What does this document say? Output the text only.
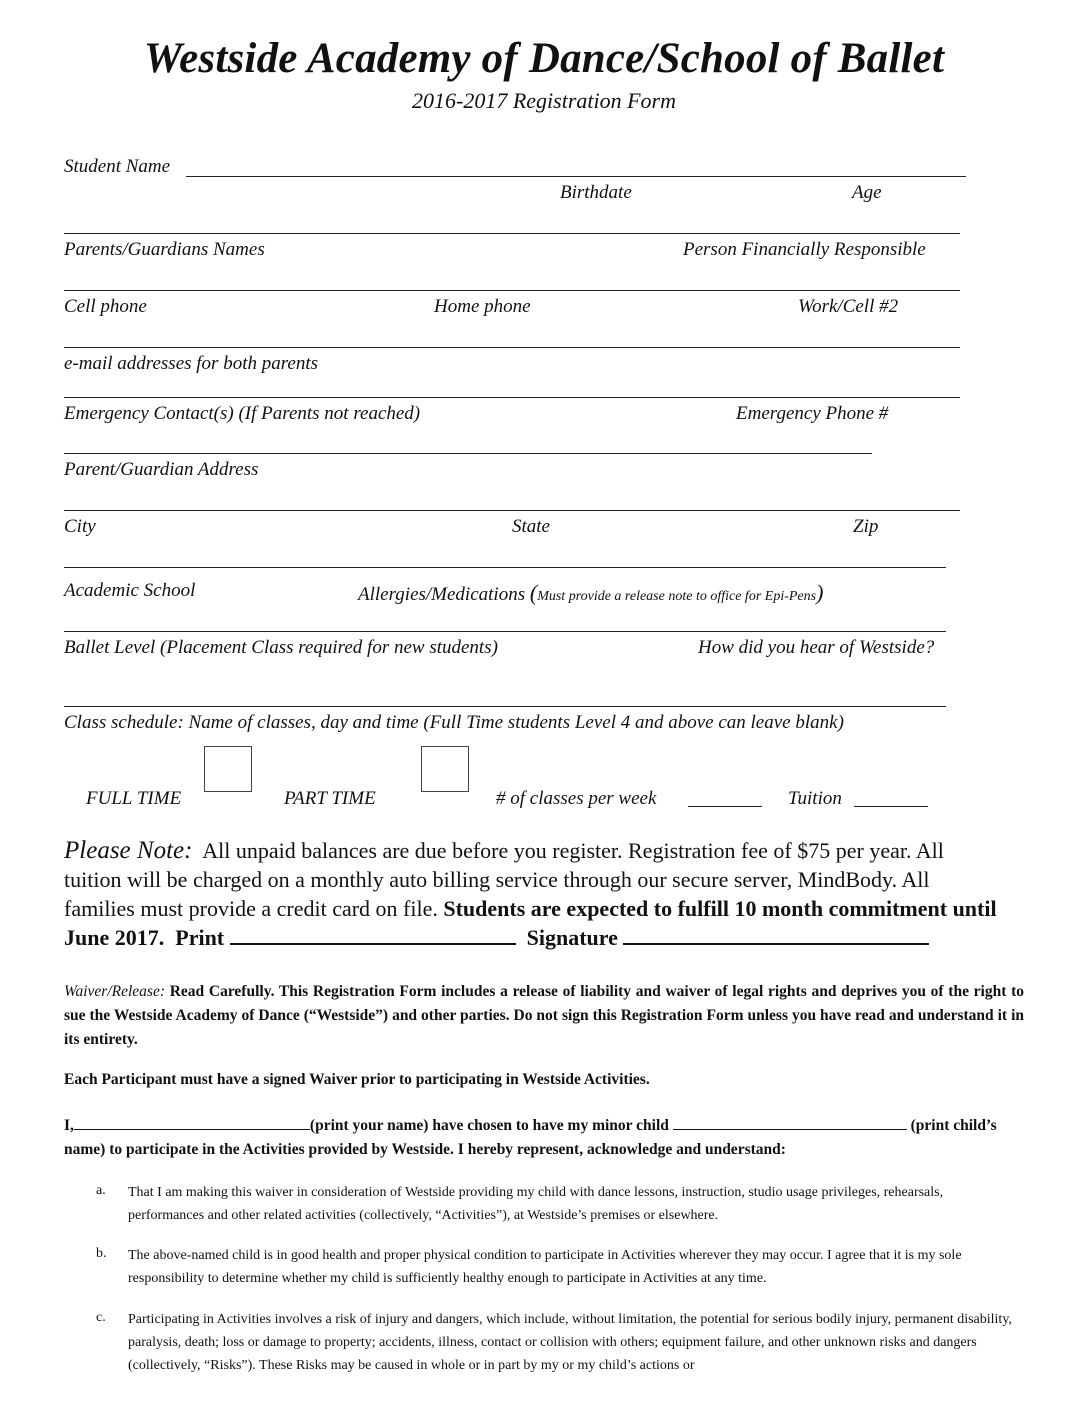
Westside Academy of Dance/School of Ballet
2016-2017 Registration Form
Student Name
Birthdate	Age
Parents/Guardians Names	Person Financially Responsible
Cell phone	Home phone	Work/Cell #2
e-mail addresses for both parents
Emergency Contact(s) (If Parents not reached)	Emergency Phone #
Parent/Guardian Address
City	State	Zip
Academic School	Allergies/Medications (Must provide a release note to office for Epi-Pens)
Ballet Level (Placement Class required for new students)	How did you hear of Westside?
Class schedule: Name of classes, day and time (Full Time students Level 4 and above can leave blank)
FULL TIME	PART TIME	# of classes per week	Tuition
Please Note: All unpaid balances are due before you register. Registration fee of $75 per year. All tuition will be charged on a monthly auto billing service through our secure server, MindBody. All families must provide a credit card on file. Students are expected to fulfill 10 month commitment until June 2017. Print	Signature
Waiver/Release: Read Carefully. This Registration Form includes a release of liability and waiver of legal rights and deprives you of the right to sue the Westside Academy of Dance (“Westside”) and other parties. Do not sign this Registration Form unless you have read and understand it in its entirety.
Each Participant must have a signed Waiver prior to participating in Westside Activities.
I,	(print your name) have chosen to have my minor child	(print child’s name) to participate in the Activities provided by Westside. I hereby represent, acknowledge and understand:
a. That I am making this waiver in consideration of Westside providing my child with dance lessons, instruction, studio usage privileges, rehearsals, performances and other related activities (collectively, “Activities”), at Westside’s premises or elsewhere.
b. The above-named child is in good health and proper physical condition to participate in Activities wherever they may occur. I agree that it is my sole responsibility to determine whether my child is sufficiently healthy enough to participate in Activities at any time.
c. Participating in Activities involves a risk of injury and dangers, which include, without limitation, the potential for serious bodily injury, permanent disability, paralysis, death; loss or damage to property; accidents, illness, contact or collision with others; equipment failure, and other unknown risks and dangers (collectively, “Risks”). These Risks may be caused in whole or in part by my or my child’s actions or
